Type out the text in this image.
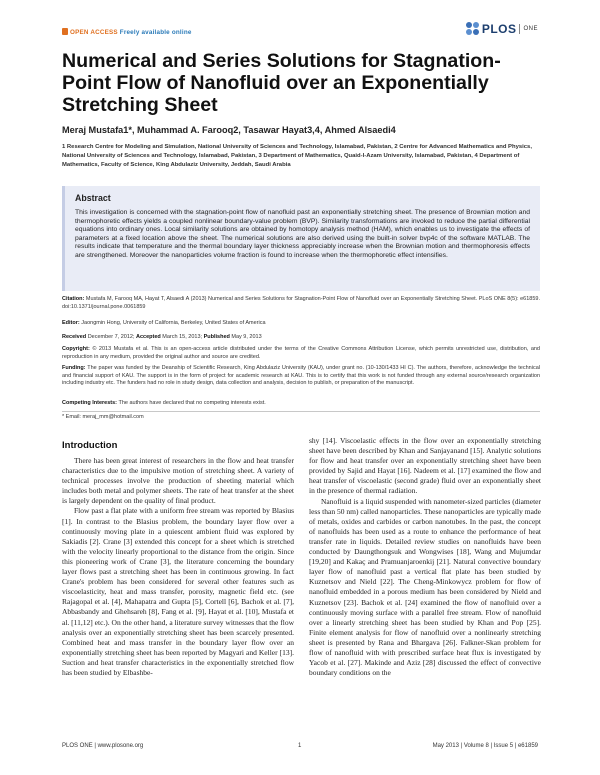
OPEN ACCESS Freely available online	PLOS ONE
Numerical and Series Solutions for Stagnation-Point Flow of Nanofluid over an Exponentially Stretching Sheet
Meraj Mustafa1*, Muhammad A. Farooq2, Tasawar Hayat3,4, Ahmed Alsaedi4
1 Research Centre for Modeling and Simulation, National University of Sciences and Technology, Islamabad, Pakistan, 2 Centre for Advanced Mathematics and Physics, National University of Sciences and Technology, Islamabad, Pakistan, 3 Department of Mathematics, Quaid-I-Azam University, Islamabad, Pakistan, 4 Department of Mathematics, Faculty of Science, King Abdulaziz University, Jeddah, Saudi Arabia
Abstract

This investigation is concerned with the stagnation-point flow of nanofluid past an exponentially stretching sheet. The presence of Brownian motion and thermophoretic effects yields a coupled nonlinear boundary-value problem (BVP). Similarity transformations are invoked to reduce the partial differential equations into ordinary ones. Local similarity solutions are obtained by homotopy analysis method (HAM), which enables us to investigate the effects of parameters at a fixed location above the sheet. The numerical solutions are also derived using the built-in solver bvp4c of the software MATLAB. The results indicate that temperature and the thermal boundary layer thickness appreciably increase when the Brownian motion and thermophoresis effects are strengthened. Moreover the nanoparticles volume fraction is found to increase when the thermophoretic effect intensifies.

Citation: Mustafa M, Farooq MA, Hayat T, Alsaedi A (2013) Numerical and Series Solutions for Stagnation-Point Flow of Nanofluid over an Exponentially Stretching Sheet. PLoS ONE 8(5): e61859. doi:10.1371/journal.pone.0061859
Editor: Jaongmin Hong, University of California, Berkeley, United States of America
Received December 7, 2012; Accepted March 15, 2013; Published May 9, 2013
Copyright: © 2013 Mustafa et al. This is an open-access article distributed under the terms of the Creative Commons Attribution License, which permits unrestricted use, distribution, and reproduction in any medium, provided the original author and source are credited.
Funding: The paper was funded by the Deanship of Scientific Research, King Abdulaziz University (KAU), under grant no. (10-130/1433 HI C). The authors, therefore, acknowledge the technical and financial support of KAU. The support is in the form of project for academic research at KAU. This is to certify that this work is not funded through any external source/research organization including industry etc. The funders had no role in study design, data collection and analysis, decision to publish, or preparation of the manuscript.
Competing Interests: The authors have declared that no competing interests exist.
* Email: meraj_mm@hotmail.com
Introduction

There has been great interest of researchers in the flow and heat transfer characteristics due to the impulsive motion of stretching sheet. A variety of technical processes involve the production of sheeting material which includes both metal and polymer sheets. The rate of heat transfer at the sheet is largely dependent on the quality of final product.

Flow past a flat plate with a uniform free stream was reported by Blasius [1]. In contrast to the Blasius problem, the boundary layer flow over a continuously moving plate in a quiescent ambient fluid was explored by Sakiadis [2]. Crane [3] extended this concept for a sheet which is stretched with the velocity linearly proportional to the distance from the origin. Since this pioneering work of Crane [3], the literature concerning the boundary layer flows past a stretching sheet has been in continuous growing. In fact Crane's problem has been considered for several other features such as viscoelasticity, heat and mass transfer, porosity, magnetic field etc. (see Rajagopal et al. [4], Mahapatra and Gupta [5], Cortell [6], Bachok et al. [7], Abbasbandy and Ghehsareh [8], Fang et al. [9], Hayat et al. [10], Mustafa et al. [11,12] etc.). On the other hand, a literature survey witnesses that the flow analysis over an exponentially stretching sheet has been scarcely presented. Combined heat and mass transfer in the boundary layer flow over an exponentially stretching sheet has been reported by Magyari and Keller [13]. Suction and heat transfer characteristics in the exponentially stretched flow has been studied by Elbashbe-

shy [14]. Viscoelastic effects in the flow over an exponentially stretching sheet have been described by Khan and Sanjayanand [15]. Analytic solutions for flow and heat transfer over an exponentially stretching sheet have been provided by Sajid and Hayat [16]. Nadeem et al. [17] examined the flow and heat transfer of viscoelastic (second grade) fluid over an exponentially sheet in the presence of thermal radiation.

Nanofluid is a liquid suspended with nanometer-sized particles (diameter less than 50 nm) called nanoparticles. These nanoparticles are typically made of metals, oxides and carbides or carbon nanotubes. In the past, the concept of nanofluids has been used as a route to enhance the performance of heat transfer rate in liquids. Detailed review studies on nanofluids have been conducted by Daungthongsuk and Wongwises [18], Wang and Mujumdar [19,20] and Kakaç and Pramuanjaroenkij [21]. Natural convective boundary layer flow of nanofluid past a vertical flat plate has been studied by Kuznetsov and Nield [22]. The Cheng-Minkowycz problem for flow of nanofluid embedded in a porous medium has been considered by Nield and Kuznetsov [23]. Bachok et al. [24] examined the flow of nanofluid over a continuously moving surface with a parallel free stream. Flow of nanofluid over a linearly stretching sheet has been studied by Khan and Pop [25]. Finite element analysis for flow of nanofluid over a nonlinearly stretching sheet is presented by Rana and Bhargava [26]. Falkner-Skan problem for flow of nanofluid with with prescribed surface heat flux is investigated by Yacob et al. [27]. Makinde and Aziz [28] discussed the effect of convective boundary conditions on the

PLOS ONE | www.plosone.org	1	May 2013 | Volume 8 | Issue 5 | e61859
